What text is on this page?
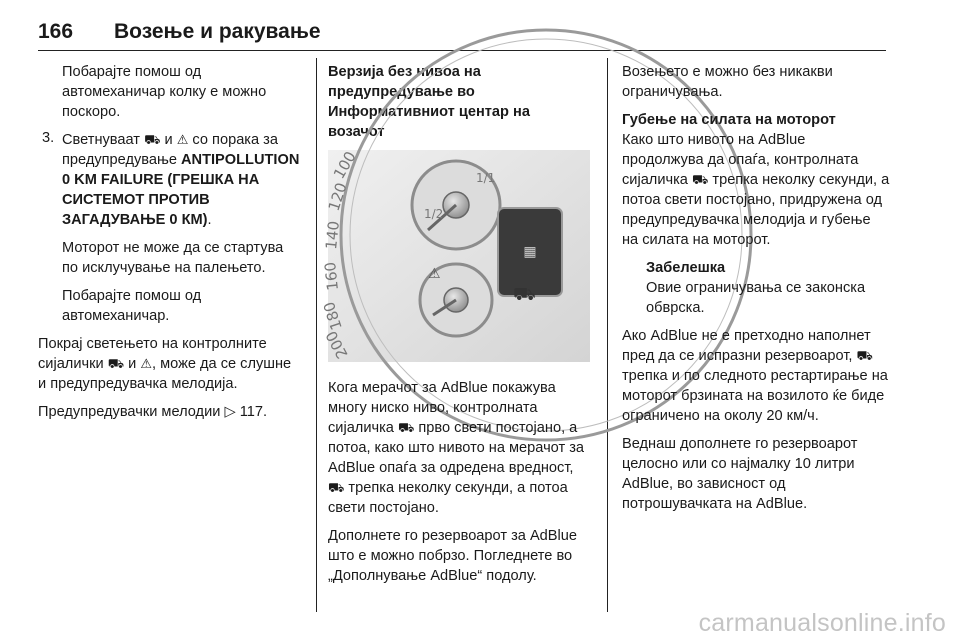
166 Возење и ракување

Побарајте помош од автомеханичар колку е можно поскоро.

3. Светнуваат ⛟ и ⚠ со порака за предупредување ANTIPOLLUTION 0 KM FAILURE (ГРЕШКА НА СИСТЕМОТ ПРОТИВ ЗАГАДУВАЊЕ 0 КМ).

Моторот не може да се стартува по исклучување на палењето.

Побарајте помош од автомеханичар.

Покрај светењето на контролните сијалички ⛟ и ⚠, може да се слушне и предупредувачка мелодија.

Предупредувачки мелодии ▷ 117.

Верзија без нивоа на предупредување во Информативниот центар на возачот

▦
⛟
⚠
100
120
140
160
180
200
1/1
1/2

Кога мерачот за AdBlue покажува многу ниско ниво, контролната сијаличка ⛟ прво свети постојано, а потоа, како што нивото на мерачот за AdBlue опаѓа за одредена вредност, ⛟ трепка неколку секунди, а потоа свети постојано.

Дополнете го резервоарот за AdBlue што е можно побрзо. Погледнете во „Дополнување AdBlue“ подолу.

Возењето е можно без никакви ограничувања.

Губење на силата на моторот

Како што нивото на AdBlue продолжува да опаѓа, контролната сијаличка ⛟ трепка неколку секунди, а потоа свети постојано, придружена од предупредувачка мелодија и губење на силата на моторот.

Забелешка

Овие ограничувања се законска обврска.

Ако AdBlue не е претходно наполнет пред да се испразни резервоарот, ⛟ трепка и по следното рестартирање на моторот брзината на возилото ќе биде ограничено на околу 20 км/ч.

Веднаш дополнете го резервоарот целосно или со најмалку 10 литри AdBlue, во зависност од потрошувачката на AdBlue.

carmanualsonline.info
